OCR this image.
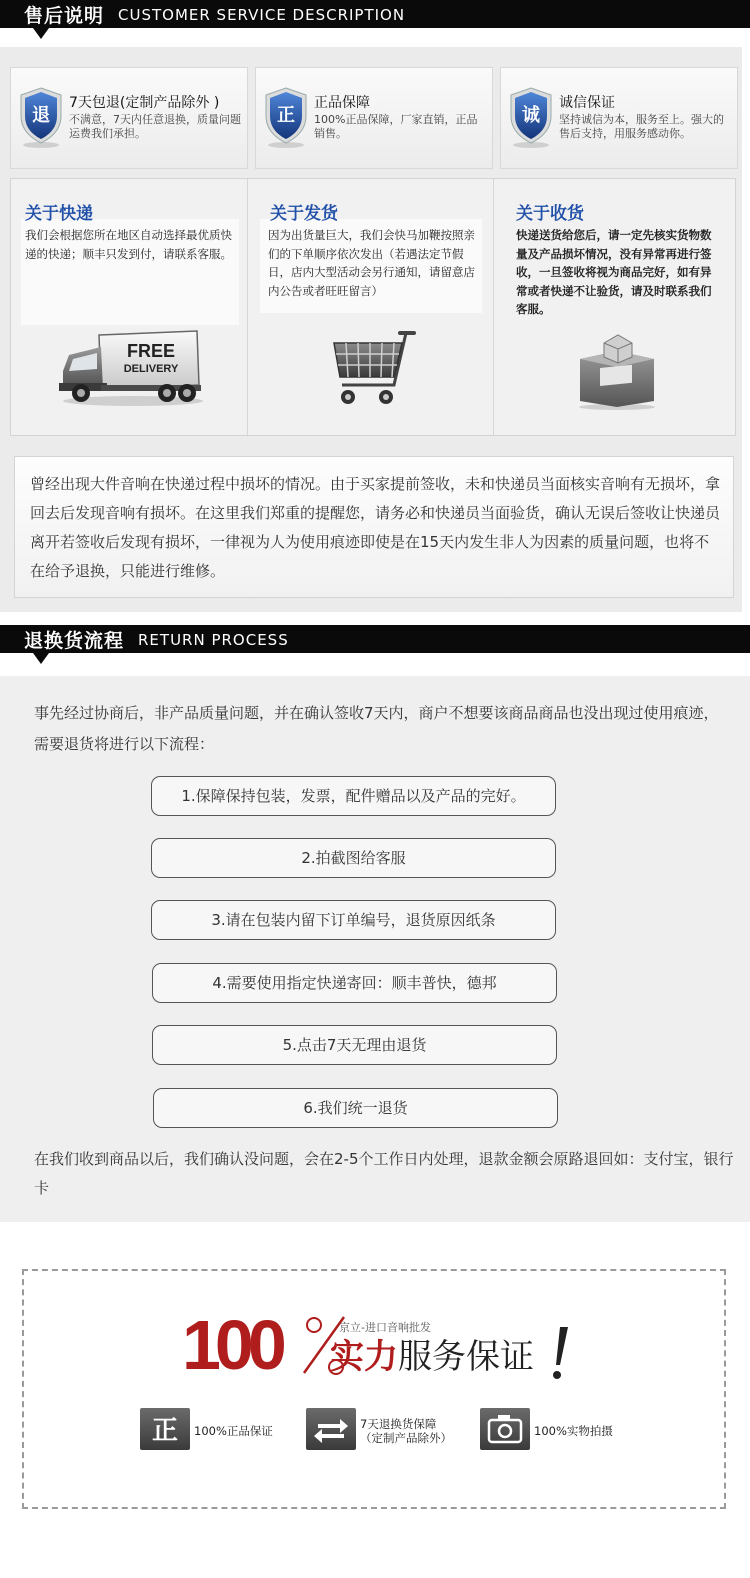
售后说明 CUSTOMER SERVICE DESCRIPTION
退
7天包退(定制产品除外 )
不满意，7天内任意退换，质量问题运费我们承担。
正
正品保障
100%正品保障，厂家直销，正品销售。
诚
诚信保证
坚持诚信为本，服务至上。强大的售后支持，用服务感动你。
关于快递
我们会根据您所在地区自动选择最优质快递的快递；顺丰只发到付，请联系客服。
FREE
DELIVERY
关于发货
因为出货量巨大，我们会快马加鞭按照亲们的下单顺序依次发出（若遇法定节假日，店内大型活动会另行通知，请留意店内公告或者旺旺留言）
关于收货
快递送货给您后，请一定先核实货物数量及产品损坏情况，没有异常再进行签收，一旦签收将视为商品完好，如有异常或者快递不让验货，请及时联系我们客服。

曾经出现大件音响在快递过程中损坏的情况。由于买家提前签收，未和快递员当面核实音响有无损坏，拿回去后发现音响有损坏。在这里我们郑重的提醒您，请务必和快递员当面验货，确认无误后签收让快递员离开若签收后发现有损坏，一律视为人为使用痕迹即使是在15天内发生非人为因素的质量问题，也将不在给予退换，只能进行维修。

退换货流程 RETURN PROCESS

事先经过协商后，非产品质量问题，并在确认签收7天内，商户不想要该商品商品也没出现过使用痕迹，需要退货将进行以下流程：

1.保障保持包装，发票，配件赠品以及产品的完好。
2.拍截图给客服
3.请在包装内留下订单编号，退货原因纸条
4.需要使用指定快递寄回：顺丰普快，德邦
5.点击7天无理由退货
6.我们统一退货

在我们收到商品以后，我们确认没问题，会在2-5个工作日内处理，退款金额会原路退回如：支付宝，银行卡

100	京立-进口音响批发
实力服务保证
正 100%正品保证	7天退换货保障
（定制产品除外）	100%实物拍摄
